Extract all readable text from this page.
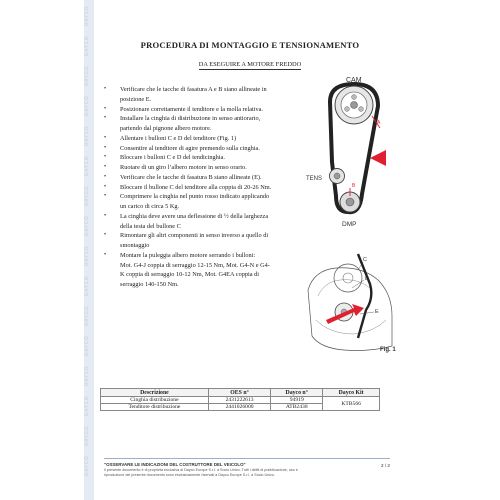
DAYCO
DAYCO
DAYCO
DAYCO
DAYCO
DAYCO
DAYCO
DAYCO
DAYCO
DAYCO
DAYCO
DAYCO
DAYCO
DAYCO
DAYCO
DAYCO
PROCEDURA DI MONTAGGIO E TENSIONAMENTO
DA ESEGUIRE A MOTORE FREDDO
• Verificare che le tacche di fasatura A e B siano allineate in
posizione E.
• Posizionare correttamente il tenditore e la molla relativa.
• Installare la cinghia di distribuzione in senso antiorario,
partendo dal pignone albero motore.
• Allentare i bulloni C e D del tenditore (Fig. 1)
• Consentire al tenditore di agire premendo sulla cinghia.
• Bloccare i bulloni C e D del tendicinghia.
• Ruotare di un giro l’albero motore in senso orario.
• Verificare che le tacche di fasatura B siano allineate (E).
• Bloccare il bullone C del tenditore alla coppia di 20-26 Nm.
• Comprimere la cinghia nel punto rosso indicato applicando
un carico di circa 5 Kg.
• La cinghia deve avere una deflessione di ½ della larghezza
della testa del bullone C
• Rimontare gli altri componenti in senso inverso a quello di
smontaggio
• Montare la puleggia albero motore serrando i bulloni:
Mot. G4-J coppia di serraggio 12-15 Nm, Mot. G4-N e G4-
K coppia di serraggio 10-12 Nm, Mot. G4EA coppia di
serraggio 140-150 Nm.
CAM
A
TENS
B
DMP
C
D
E
Fig. 1
Descrizione	OES n°	Dayco n°	Dayco Kit
Cinghia distribuzione	2431222613	94919	KTB566
Tenditore distribuzione	2441026000	ATB2438	
"OSSERVARE LE INDICAZIONI DEL COSTRUTTORE DEL VEICOLO"
Il presente documento è di proprietà esclusiva di Dayco Europe S.r.l. a Socio Unico. Tutti i diritti di pubblicazione, uso e
riproduzione del presente documento sono esclusivamente riservati a Dayco Europe S.r.l. a Socio Unico.
2 / 2
